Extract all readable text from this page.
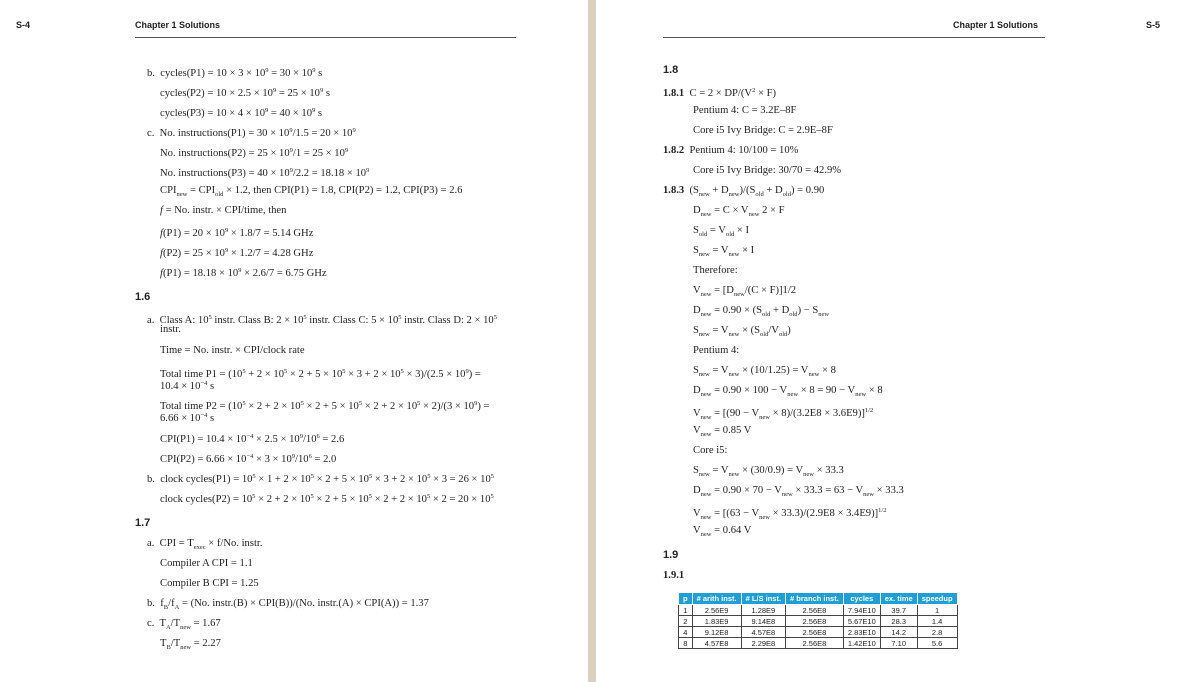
S-4	Chapter 1 Solutions	Chapter 1 Solutions	S-5
b.  cycles(P1) = $10 \times 3 \times 10^9 = 30 \times 10^9$ s
cycles(P2) = $10 \times 2.5 \times 10^9 = 25 \times 10^9$ s
cycles(P3) = $10 \times 4 \times 10^9 = 40 \times 10^9$ s
c.  No. instructions(P1) = $30 \times 10^9/1.5 = 20 \times 10^9$
No. instructions(P2) = $25 \times 10^9/1 = 25 \times 10^9$
No. instructions(P3) = $40 \times 10^9/2.2 = 18.18 \times 10^9$
$CPI_{new} = CPI_{old} \times 1.2$, then CPI(P1) = 1.8, CPI(P2) = 1.2, CPI(P3) = 2.6
f = No. instr. × CPI/time, then
$f(P1) = 20 \times 10^9 \times 1.8/7 = 5.14$ GHz
$f(P2) = 25 \times 10^9 \times 1.2/7 = 4.28$ GHz
$f(P1) = 18.18 \times 10^9 \times 2.6/7 = 6.75$ GHz
1.6
a.  Class A: $10^5$ instr. Class B: $2 \times 10^5$ instr. Class C: $5 \times 10^5$ instr. Class D: $2 \times 10^5$
instr.
Time = No. instr. × CPI/clock rate
Total time $P1 = (10^5 + 2 \times 10^5 \times 2 + 5 \times 10^5 \times 3 + 2 \times 10^5 \times 3)/(2.5 \times 10^9)$ =
$10.4 \times 10^{-4}$ s
Total time $P2 = (10^5 \times 2 + 2 \times 10^5 \times 2 + 5 \times 10^5 \times 2 + 2 \times 10^5 \times 2)/(3 \times 10^9)$ =
$6.66 \times 10^{-4}$ s
$CPI(P1) = 10.4 \times 10^{-4} \times 2.5 \times 10^9/10^6 = 2.6$
$CPI(P2) = 6.66 \times 10^{-4} \times 3 \times 10^9/10^6 = 2.0$
b.  clock cycles(P1) = $10^5 \times 1 + 2 \times 10^5 \times 2 + 5 \times 10^5 \times 3 + 2 \times 10^5 \times 3 = 26 \times 10^5$
clock cycles(P2) = $10^5 \times 2 + 2 \times 10^5 \times 2 + 5 \times 10^5 \times 2 + 2 \times 10^5 \times 2 = 20 \times 10^5$
1.7
a.  CPI = $T_{exec} \times f/No$. instr.
Compiler A CPI = 1.1
Compiler B CPI = 1.25
b.  $f_B/f_A = (No$. instr.(B) × CPI(B))/(No. instr.(A) × CPI(A)) = 1.37
c.  $T_A/T_{new} = 1.67$
$T_B/T_{new} = 2.27$
1.8
1.8.1  $C = 2 \times DP/(V^2 \times F)$
Pentium 4: C = 3.2E–8F
Core i5 Ivy Bridge: C = 2.9E–8F
1.8.2  Pentium 4: 10/100 = 10%
Core i5 Ivy Bridge: 30/70 = 42.9%
1.8.3  $(S_{new} + D_{new})/(S_{old} + D_{old}) = 0.90$
$D_{new} = C \times V_{new}$ 2 × F
$S_{old} = V_{old} \times I$
$S_{new} = V_{new} \times I$
Therefore:
$V_{new} = [D_{new}/(C \times F)]1/2$
$D_{new} = 0.90 \times (S_{old} + D_{old}) - S_{new}$
$S_{new} = V_{new} \times (S_{old}/V_{old})$
Pentium 4:
$S_{new} = V_{new} \times (10/1.25) = V_{new} \times 8$
$D_{new} = 0.90 \times 100 - V_{new} \times 8 = 90 - V_{new} \times 8$
$V_{new} = [(90 - V_{new} \times 8)/(3.2E8 \times 3.6E9)]^{1/2}$
$V_{new} = 0.85$ V
Core i5:
$S_{new} = V_{new} \times (30/0.9) = V_{new} \times 33.3$
$D_{new} = 0.90 \times 70 - V_{new} \times 33.3 = 63 - V_{new} \times 33.3$
$V_{new} = [(63 - V_{new} \times 33.3)/(2.9E8 \times 3.4E9)]^{1/2}$
$V_{new} = 0.64$ V
1.9
1.9.1
p	# arith inst.	# L/S inst.	# branch inst.	cycles	ex. time	speedup
1	2.56E9	1.28E9	2.56E8	7.94E10	39.7	1
2	1.83E9	9.14E8	2.56E8	5.67E10	28.3	1.4
4	9.12E8	4.57E8	2.56E8	2.83E10	14.2	2.8
8	4.57E8	2.29E8	2.56E8	1.42E10	7.10	5.6
